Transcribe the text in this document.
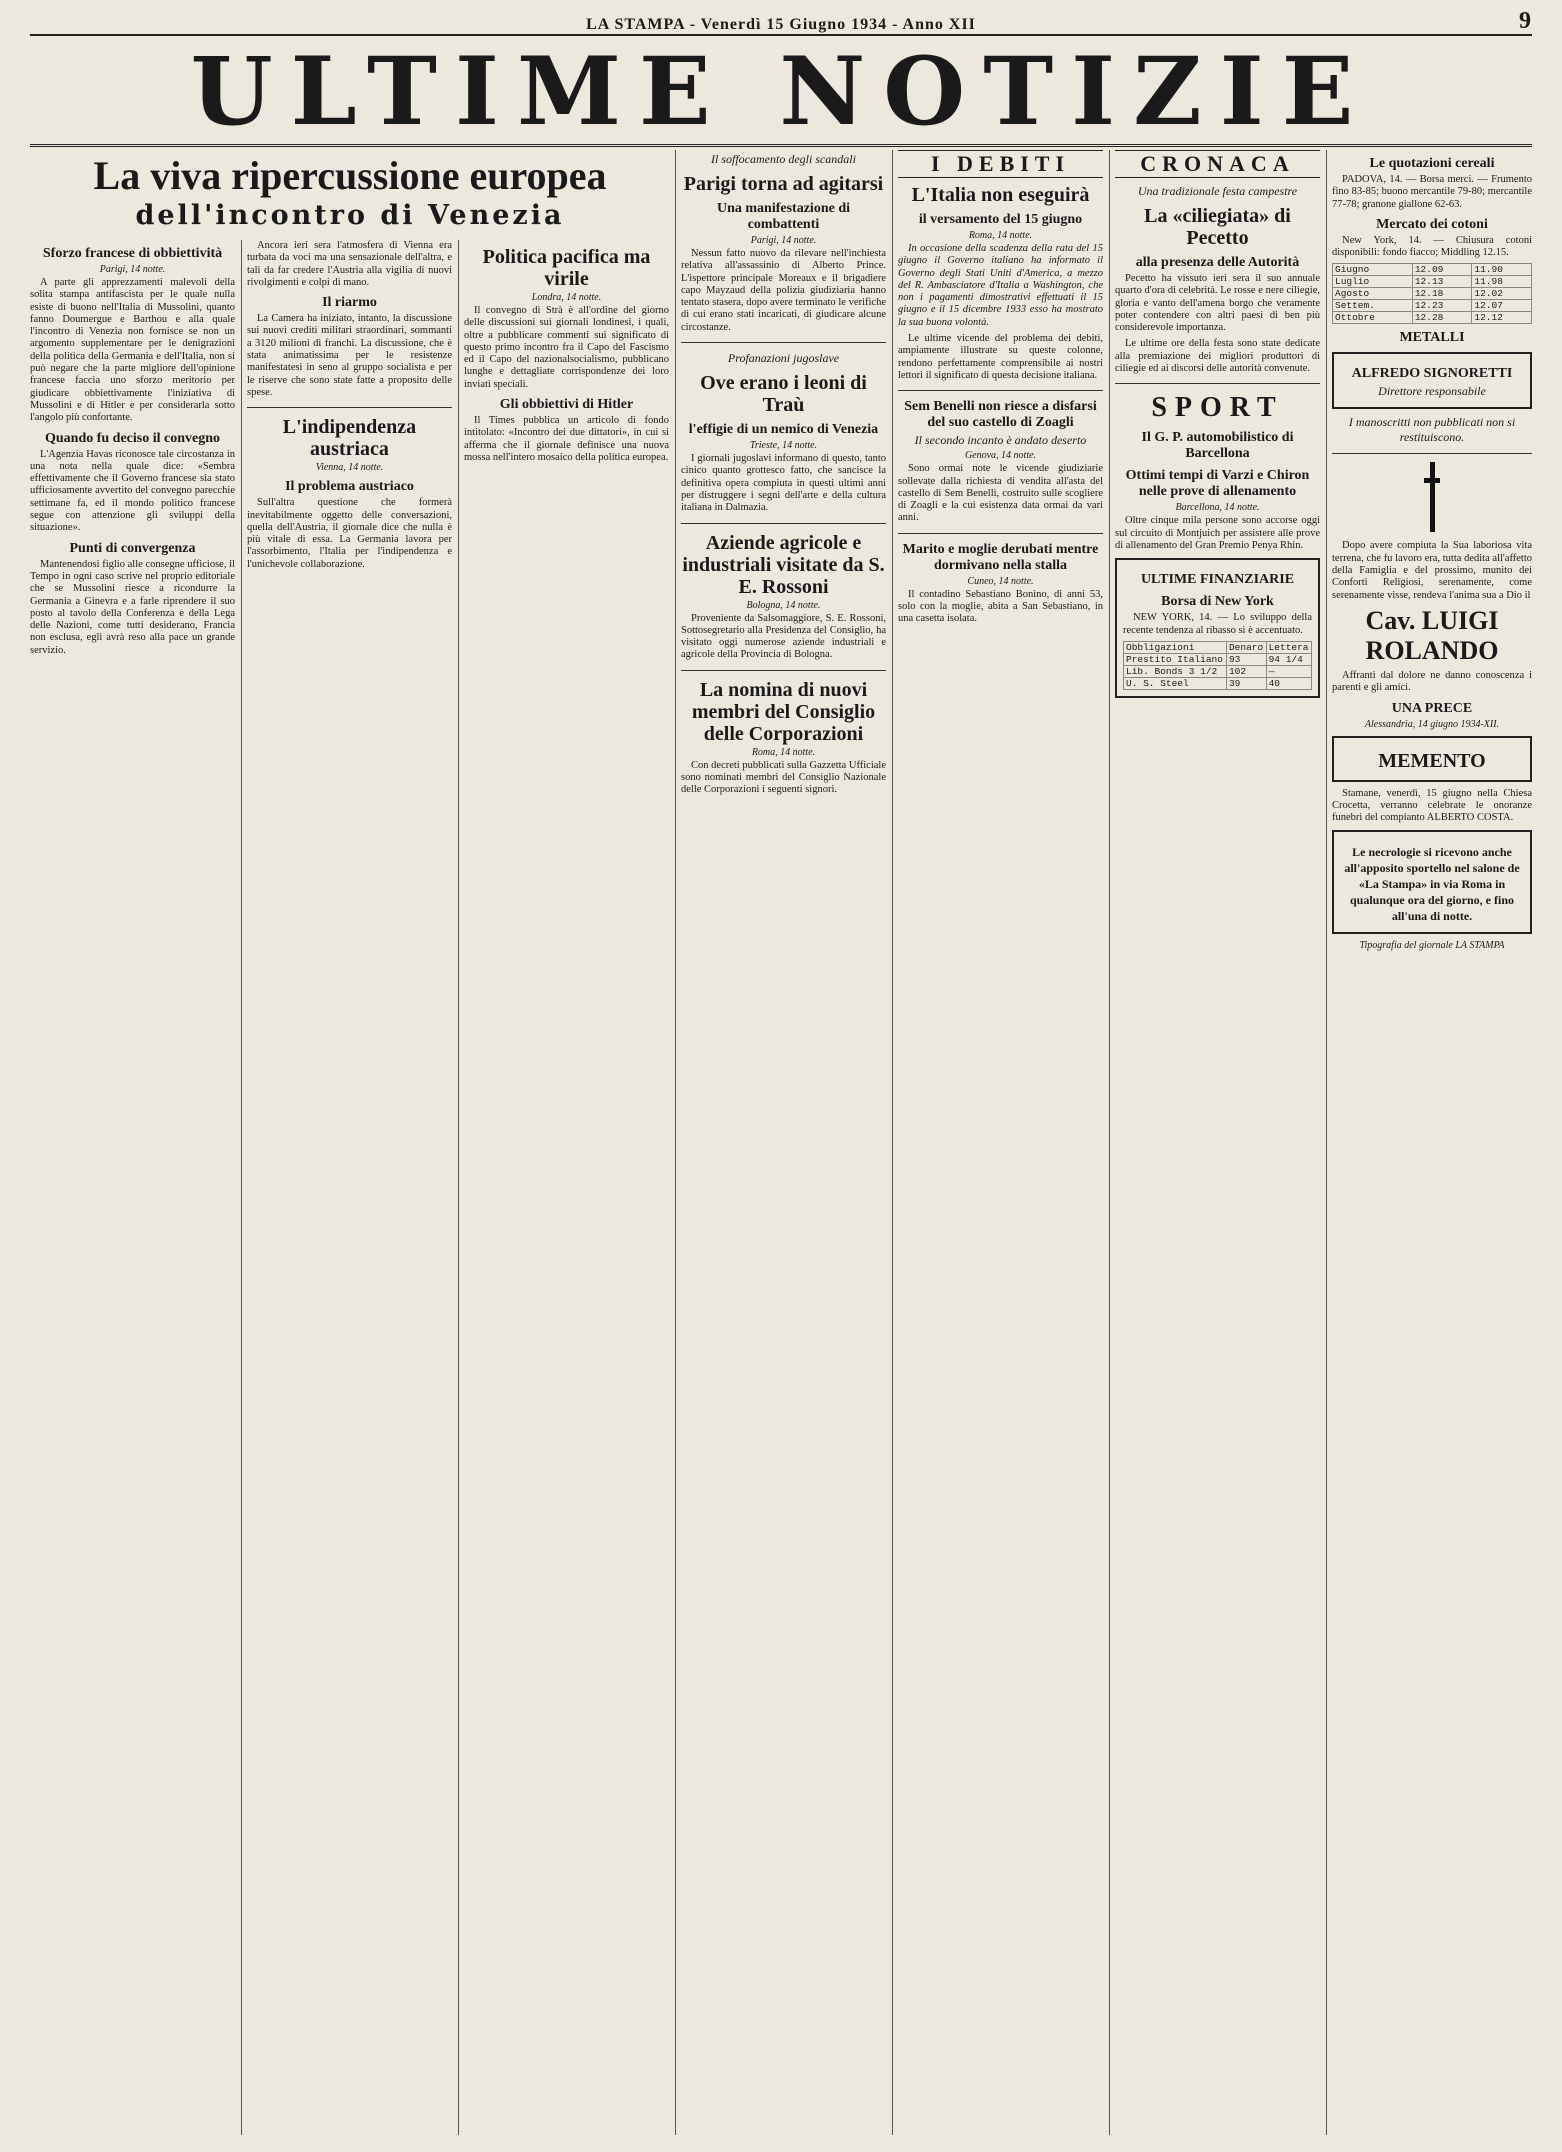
LA STAMPA - Venerdì 15 Giugno 1934 - Anno XII	9
ULTIME NOTIZIE
La viva ripercussione europea
dell'incontro di Venezia
Sforzo francese di obbiettività
Parigi, 14 notte.

A parte gli apprezzamenti malevoli della solita stampa antifascista per le quale nulla esiste di buono nell'Italia di Mussolini, quanto fanno Doumergue e Barthou e alla quale l'incontro di Venezia non fornisce se non un argomento supplementare per le denigrazioni della politica della Germania e dell'Italia, non si può negare che la parte migliore dell'opinione francese faccia uno sforzo meritorio per giudicare obbiettivamente l'iniziativa di Mussolini e di Hitler e per considerarla sotto l'angolo più confortante.

Quando fu deciso il convegno

L'Agenzia Havas riconosce tale circostanza in una nota nella quale dice: «Sembra effettivamente che il Governo francese sia stato ufficiosamente avvertito del convegno parecchie settimane fa, ed il mondo politico francese segue con attenzione gli sviluppi della situazione».

Punti di convergenza

Mantenendosi figlio alle consegne ufficiose, il Tempo in ogni caso scrive nel proprio editoriale che se Mussolini riesce a ricondurre la Germania a Ginevra e a farle riprendere il suo posto al tavolo della Conferenza e della Lega delle Nazioni, come tutti desiderano, Francia non esclusa, egli avrà reso alla pace un grande servizio.

Ancora ieri sera l'atmosfera di Vienna era turbata da voci ma una sensazionale dell'altra, e tali da far credere l'Austria alla vigilia di nuovi rivolgimenti e colpi di mano.

Il riarmo

La Camera ha iniziato, intanto, la discussione sui nuovi crediti militari straordinari, sommanti a 3120 milioni di franchi. La discussione, che è stata animatissima per le resistenze manifestatesi in seno al gruppo socialista e per le riserve che sono state fatte a proposito delle spese.

L'indipendenza austriaca
Vienna, 14 notte.
Il problema austriaco

Sull'altra questione che formerà inevitabilmente oggetto delle conversazioni, quella dell'Austria, il giornale dice che nulla è più vitale di essa. La Germania lavora per l'assorbimento, l'Italia per l'indipendenza e l'unichevole collaborazione.

Politica pacifica ma virile
Londra, 14 notte.

Il convegno di Strà è all'ordine del giorno delle discussioni sui giornali londinesi, i quali, oltre a pubblicare commenti sui significato di questo primo incontro fra il Capo del Fascismo ed il Capo del nazionalsocialismo, pubblicano lunghe e dettagliate corrispondenze dei loro inviati speciali.

Gli obbiettivi di Hitler

Il Times pubblica un articolo di fondo intitolato: «Incontro dei due dittatori», in cui si afferma che il giornale definisce una nuova mossa nell'intero mosaico della politica europea.

Il soffocamento degli scandali
Parigi torna ad agitarsi
Una manifestazione di combattenti
Parigi, 14 notte.

Nessun fatto nuovo da rilevare nell'inchiesta relativa all'assassinio di Alberto Prince. L'ispettore principale Moreaux e il brigadiere capo Mayzaud della polizia giudiziaria hanno tentato stasera, dopo avere terminato le verifiche di cui erano stati incaricati, di giudicare alcune circostanze.

Profanazioni jugoslave
Ove erano i leoni di Traù
l'effigie di un nemico di Venezia
Trieste, 14 notte.

I giornali jugoslavi informano di questo, tanto cinico quanto grottesco fatto, che sancisce la definitiva opera compiuta in questi ultimi anni per distruggere i segni dell'arte e della cultura italiana in Dalmazia.

Aziende agricole e industriali visitate da S. E. Rossoni
Bologna, 14 notte.

Proveniente da Salsomaggiore, S. E. Rossoni, Sottosegretario alla Presidenza del Consiglio, ha visitato oggi numerose aziende industriali e agricole della Provincia di Bologna.

La nomina di nuovi membri del Consiglio delle Corporazioni
Roma, 14 notte.

Con decreti pubblicati sulla Gazzetta Ufficiale sono nominati membri del Consiglio Nazionale delle Corporazioni i seguenti signori.

I DEBITI
L'Italia non eseguirà
il versamento del 15 giugno
Roma, 14 notte.

In occasione della scadenza della rata del 15 giugno il Governo italiano ha informato il Governo degli Stati Uniti d'America, a mezzo del R. Ambasciatore d'Italia a Washington, che non i pagamenti dimostrativi effettuati il 15 giugno e il 15 dicembre 1933 esso ha mostrato la sua buona volontà.

Le ultime vicende del problema dei debiti, ampiamente illustrate su queste colonne, rendono perfettamente comprensibile ai nostri lettori il significato di questa decisione italiana.

Sem Benelli non riesce a disfarsi del suo castello di Zoagli
Il secondo incanto è andato deserto
Genova, 14 notte.

Sono ormai note le vicende giudiziarie sollevate dalla richiesta di vendita all'asta del castello di Sem Benelli, costruito sulle scogliere di Zoagli e la cui esistenza data ormai da vari anni.

Marito e moglie derubati mentre dormivano nella stalla
Cuneo, 14 notte.

Il contadino Sebastiano Bonino, di anni 53, solo con la moglie, abita a San Sebastiano, in una casetta isolata.

CRONACA
Una tradizionale festa campestre
La «ciliegiata» di Pecetto
alla presenza delle Autorità

Pecetto ha vissuto ieri sera il suo annuale quarto d'ora di celebrità. Le rosse e nere ciliegie, gloria e vanto dell'amena borgo che veramente poter contendere con altri paesi di ben più considerevole importanza.

Le ultime ore della festa sono state dedicate alla premiazione dei migliori produttori di ciliegie ed ai discorsi delle autorità convenute.

SPORT
Il G. P. automobilistico di Barcellona
Ottimi tempi di Varzi e Chiron nelle prove di allenamento
Barcellona, 14 notte.

Oltre cinque mila persone sono accorse oggi sul circuito di Montjuich per assistere alle prove di allenamento del Gran Premio Penya Rhin.

ULTIME FINANZIARIE
Borsa di New York

NEW YORK, 14. — Lo sviluppo della recente tendenza al ribasso si è accentuato.

Obbligazioni	Denaro	Lettera
Prestito Italiano	93	94 1/4
Lib. Bonds 3 1/2	102	—
U. S. Steel	39	40
Le quotazioni cereali

PADOVA, 14. — Borsa merci. — Frumento fino 83-85; buono mercantile 79-80; mercantile 77-78; granone giallone 62-63.

Mercato dei cotoni

New York, 14. — Chiusura cotoni disponibili: fondo fiacco; Middling 12.15.

Giugno	12.09	11.90
Luglio	12.13	11.98
Agosto	12.18	12.02
Settem.	12.23	12.07
Ottobre	12.28	12.12
METALLI
ALFREDO SIGNORETTI
Direttore responsabile
I manoscritti non pubblicati non si restituiscono.

Dopo avere compiuta la Sua laboriosa vita terrena, che fu lavoro era, tutta dedita all'affetto della Famiglia e del prossimo, munito dei Conforti Religiosi, serenamente, come serenamente visse, rendeva l'anima sua a Dio il

Cav. LUIGI ROLANDO

Affranti dal dolore ne danno conoscenza i parenti e gli amici.

UNA PRECE
Alessandria, 14 giugno 1934-XII.
MEMENTO

Stamane, venerdì, 15 giugno nella Chiesa Crocetta, verranno celebrate le onoranze funebri del compianto ALBERTO COSTA.

Le necrologie si ricevono anche all'apposito sportello nel salone de «La Stampa» in via Roma in qualunque ora del giorno, e fino all'una di notte.
Tipografia del giornale LA STAMPA
